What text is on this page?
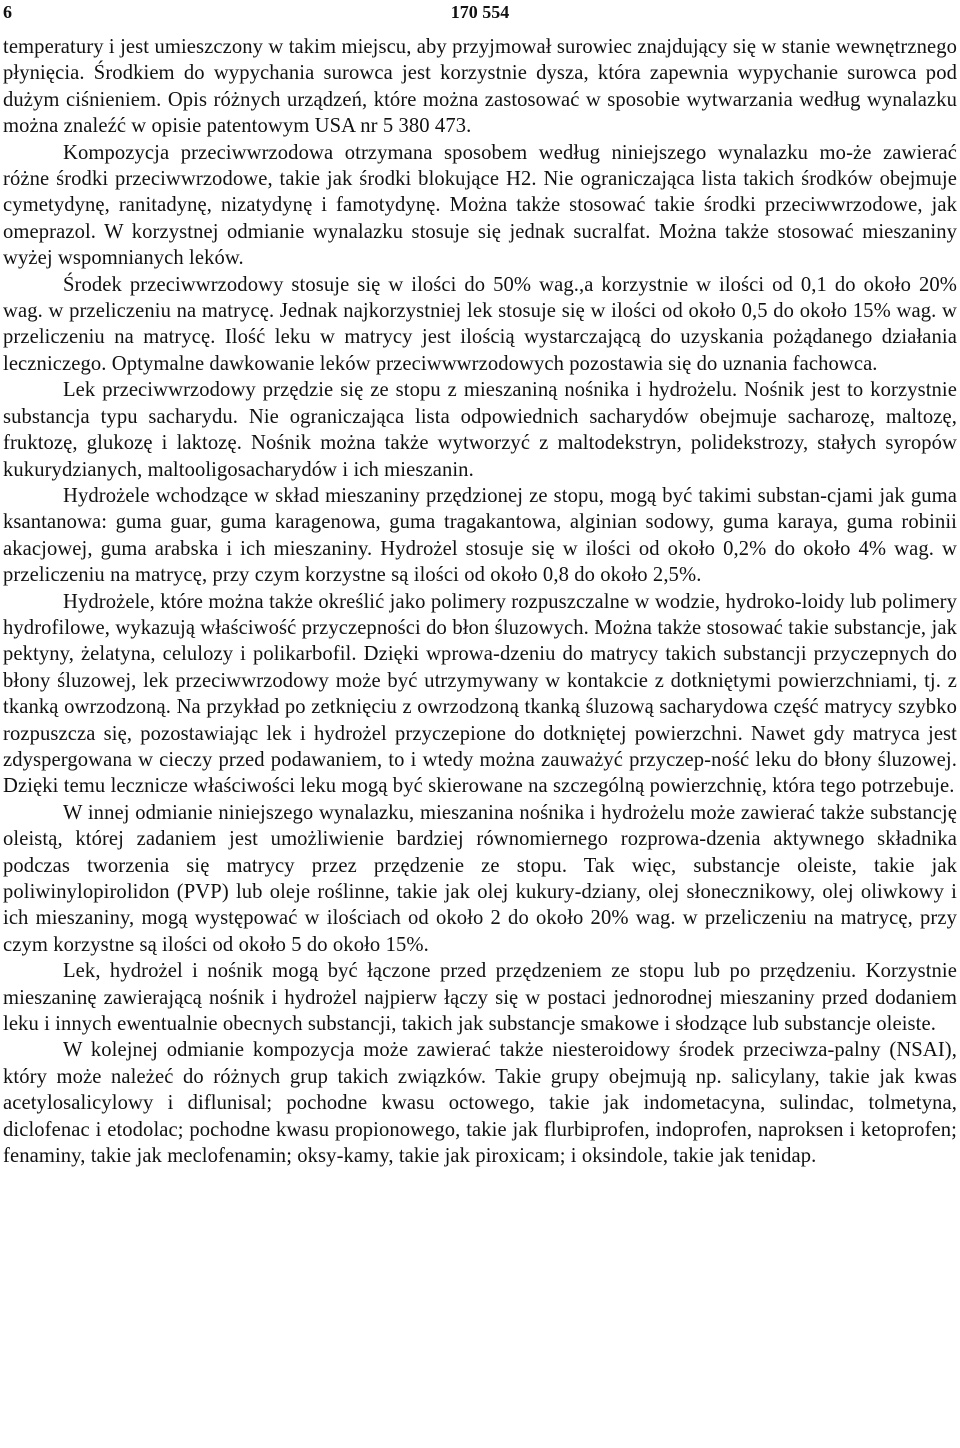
6	170 554

temperatury i jest umieszczony w takim miejscu, aby przyjmował surowiec znajdujący się w stanie wewnętrznego płynięcia. Środkiem do wypychania surowca jest korzystnie dysza, która zapewnia wypychanie surowca pod dużym ciśnieniem. Opis różnych urządzeń, które można zastosować w sposobie wytwarzania według wynalazku można znaleźć w opisie patentowym USA nr 5 380 473.

Kompozycja przeciwwrzodowa otrzymana sposobem według niniejszego wynalazku mo-że zawierać różne środki przeciwwrzodowe, takie jak środki blokujące H2. Nie ograniczająca lista takich środków obejmuje cymetydynę, ranitadynę, nizatydynę i famotydynę. Można także stosować takie środki przeciwwrzodowe, jak omeprazol. W korzystnej odmianie wynalazku stosuje się jednak sucralfat. Można także stosować mieszaniny wyżej wspomnianych leków.

Środek przeciwwrzodowy stosuje się w ilości do 50% wag.,a korzystnie w ilości od 0,1 do około 20% wag. w przeliczeniu na matrycę. Jednak najkorzystniej lek stosuje się w ilości od około 0,5 do około 15% wag. w przeliczeniu na matrycę. Ilość leku w matrycy jest ilością wystarczającą do uzyskania pożądanego działania leczniczego. Optymalne dawkowanie leków przeciwwwrzodowych pozostawia się do uznania fachowca.

Lek przeciwwrzodowy przędzie się ze stopu z mieszaniną nośnika i hydrożelu. Nośnik jest to korzystnie substancja typu sacharydu. Nie ograniczająca lista odpowiednich sacharydów obejmuje sacharozę, maltozę, fruktozę, glukozę i laktozę. Nośnik można także wytworzyć z maltodekstryn, polidekstrozy, stałych syropów kukurydzianych, maltooligosacharydów i ich mieszanin.

Hydrożele wchodzące w skład mieszaniny przędzionej ze stopu, mogą być takimi substan-cjami jak guma ksantanowa: guma guar, guma karagenowa, guma tragakantowa, alginian sodowy, guma karaya, guma robinii akacjowej, guma arabska i ich mieszaniny. Hydrożel stosuje się w ilości od około 0,2% do około 4% wag. w przeliczeniu na matrycę, przy czym korzystne są ilości od około 0,8 do około 2,5%.

Hydrożele, które można także określić jako polimery rozpuszczalne w wodzie, hydroko-loidy lub polimery hydrofilowe, wykazują właściwość przyczepności do błon śluzowych. Można także stosować takie substancje, jak pektyny, żelatyna, celulozy i polikarbofil. Dzięki wprowa-dzeniu do matrycy takich substancji przyczepnych do błony śluzowej, lek przeciwwrzodowy może być utrzymywany w kontakcie z dotkniętymi powierzchniami, tj. z tkanką owrzodzoną. Na przykład po zetknięciu z owrzodzoną tkanką śluzową sacharydowa część matrycy szybko rozpuszcza się, pozostawiając lek i hydrożel przyczepione do dotkniętej powierzchni. Nawet gdy matryca jest zdyspergowana w cieczy przed podawaniem, to i wtedy można zauważyć przyczep-ność leku do błony śluzowej. Dzięki temu lecznicze właściwości leku mogą być skierowane na szczególną powierzchnię, która tego potrzebuje.

W innej odmianie niniejszego wynalazku, mieszanina nośnika i hydrożelu może zawierać także substancję oleistą, której zadaniem jest umożliwienie bardziej równomiernego rozprowa-dzenia aktywnego składnika podczas tworzenia się matrycy przez przędzenie ze stopu. Tak więc, substancje oleiste, takie jak poliwinylopirolidon (PVP) lub oleje roślinne, takie jak olej kukury-dziany, olej słonecznikowy, olej oliwkowy i ich mieszaniny, mogą występować w ilościach od około 2 do około 20% wag. w przeliczeniu na matrycę, przy czym korzystne są ilości od około 5 do około 15%.

Lek, hydrożel i nośnik mogą być łączone przed przędzeniem ze stopu lub po przędzeniu. Korzystnie mieszaninę zawierającą nośnik i hydrożel najpierw łączy się w postaci jednorodnej mieszaniny przed dodaniem leku i innych ewentualnie obecnych substancji, takich jak substancje smakowe i słodzące lub substancje oleiste.

W kolejnej odmianie kompozycja może zawierać także niesteroidowy środek przeciwza-palny (NSAI), który może należeć do różnych grup takich związków. Takie grupy obejmują np. salicylany, takie jak kwas acetylosalicylowy i diflunisal; pochodne kwasu octowego, takie jak indometacyna, sulindac, tolmetyna, diclofenac i etodolac; pochodne kwasu propionowego, takie jak flurbiprofen, indoprofen, naproksen i ketoprofen; fenaminy, takie jak meclofenamin; oksy-kamy, takie jak piroxicam; i oksindole, takie jak tenidap.
